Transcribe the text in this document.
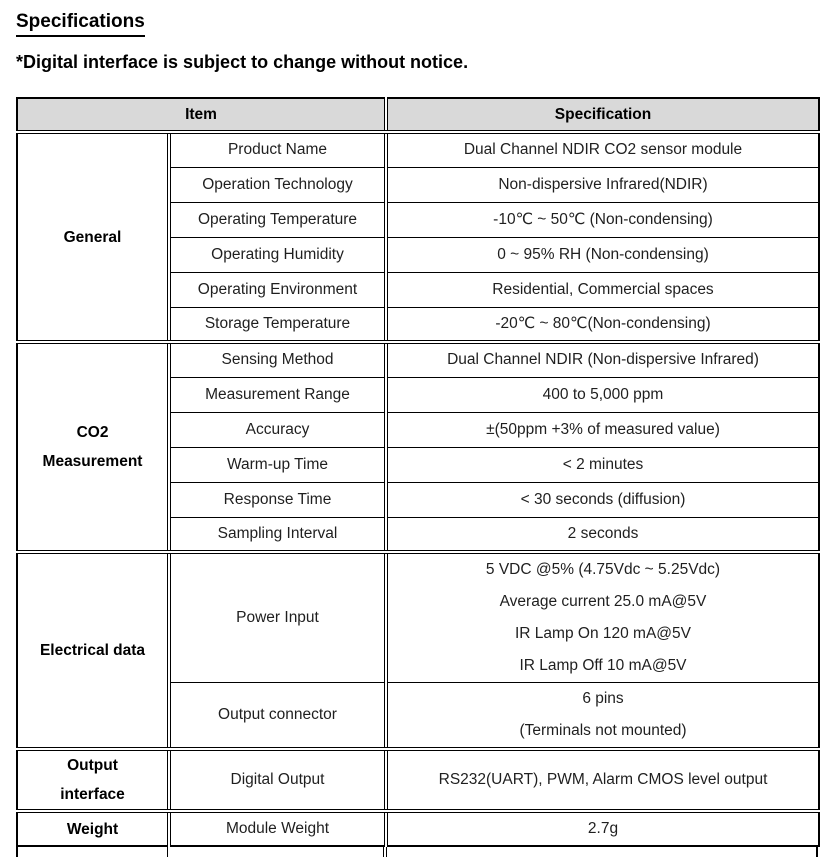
Specifications

*Digital interface is subject to change without notice.

Item		Specification
General	Product Name	Dual Channel NDIR CO2 sensor module
	Operation Technology	Non-dispersive Infrared(NDIR)
	Operating Temperature	-10℃ ~ 50℃ (Non-condensing)
	Operating Humidity	0 ~ 95% RH (Non-condensing)
	Operating Environment	Residential, Commercial spaces
	Storage Temperature	-20℃ ~ 80℃(Non-condensing)
CO2
Measurement	Sensing Method	Dual Channel NDIR (Non-dispersive Infrared)
	Measurement Range	400 to 5,000 ppm
	Accuracy	±(50ppm +3% of measured value)
	Warm-up Time	< 2 minutes
	Response Time	< 30 seconds (diffusion)
	Sampling Interval	2 seconds
Electrical data	Power Input	5 VDC @5% (4.75Vdc ~ 5.25Vdc)
Average current 25.0 mA@5V
IR Lamp On 120 mA@5V
IR Lamp Off 10 mA@5V
	Output connector	6 pins
(Terminals not mounted)
Output
interface	Digital Output	RS232(UART), PWM, Alarm CMOS level output
Weight	Module Weight	2.7g
